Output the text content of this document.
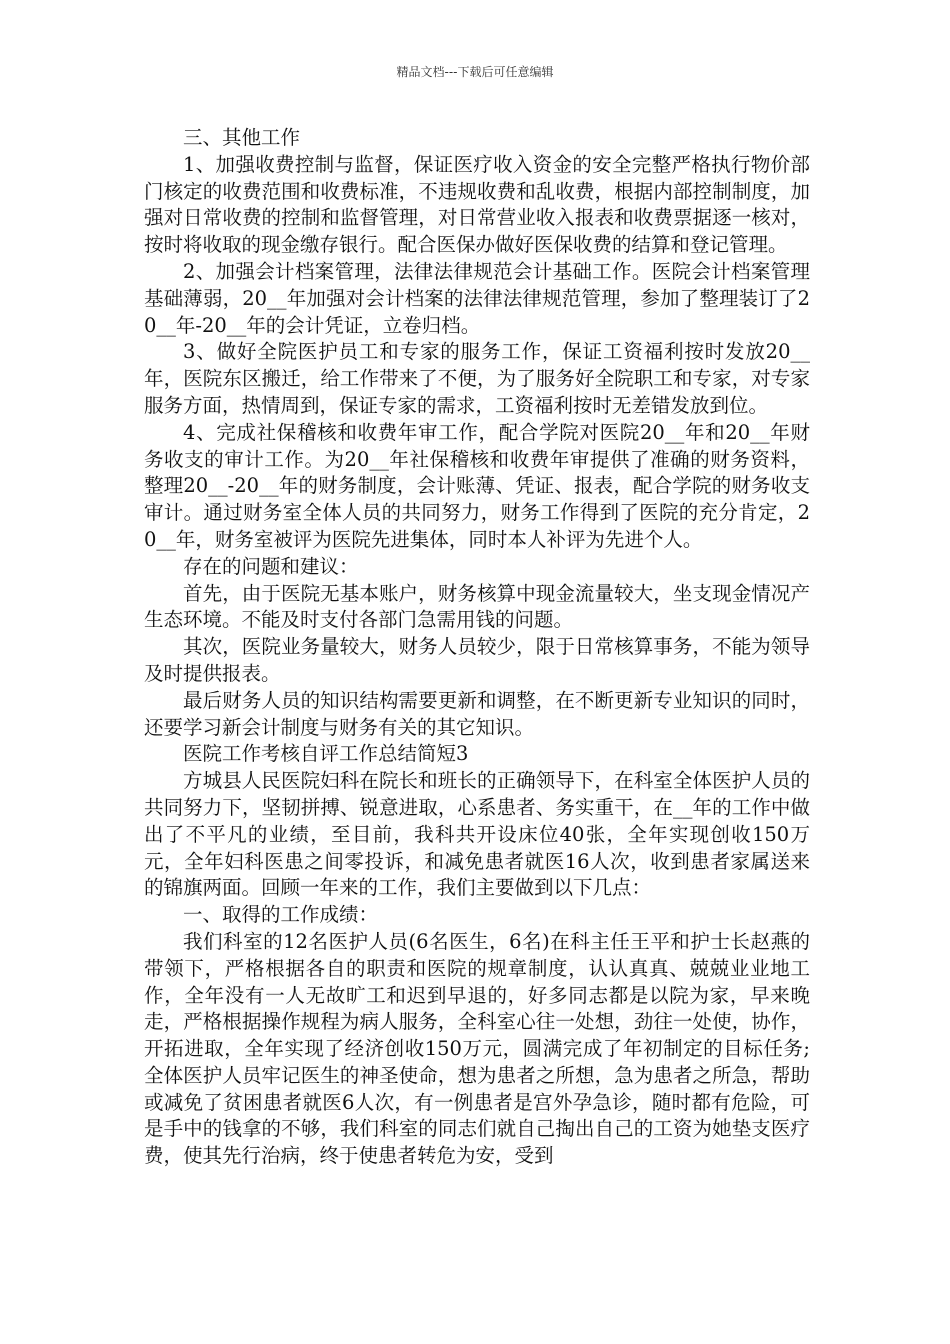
精品文档---下载后可任意编辑

三、其他工作

1、加强收费控制与监督，保证医疗收入资金的安全完整严格执行物价部门核定的收费范围和收费标准，不违规收费和乱收费，根据内部控制制度，加强对日常收费的控制和监督管理，对日常营业收入报表和收费票据逐一核对，按时将收取的现金缴存银行。配合医保办做好医保收费的结算和登记管理。

2、加强会计档案管理，法律法律规范会计基础工作。医院会计档案管理基础薄弱，20__年加强对会计档案的法律法律规范管理，参加了整理装订了20__年-20__年的会计凭证，立卷归档。

3、做好全院医护员工和专家的服务工作，保证工资福利按时发放20__年，医院东区搬迁，给工作带来了不便，为了服务好全院职工和专家，对专家服务方面，热情周到，保证专家的需求，工资福利按时无差错发放到位。

4、完成社保稽核和收费年审工作，配合学院对医院20__年和20__年财务收支的审计工作。为20__年社保稽核和收费年审提供了准确的财务资料，整理20__-20__年的财务制度，会计账薄、凭证、报表，配合学院的财务收支审计。通过财务室全体人员的共同努力，财务工作得到了医院的充分肯定，20__年，财务室被评为医院先进集体，同时本人补评为先进个人。

存在的问题和建议：

首先，由于医院无基本账户，财务核算中现金流量较大，坐支现金情况产生态环境。不能及时支付各部门急需用钱的问题。

其次，医院业务量较大，财务人员较少，限于日常核算事务，不能为领导及时提供报表。

最后财务人员的知识结构需要更新和调整，在不断更新专业知识的同时，还要学习新会计制度与财务有关的其它知识。

医院工作考核自评工作总结简短3

方城县人民医院妇科在院长和班长的正确领导下，在科室全体医护人员的共同努力下，坚韧拼搏、锐意进取，心系患者、务实重干，在__年的工作中做出了不平凡的业绩，至目前，我科共开设床位40张，全年实现创收150万元，全年妇科医患之间零投诉，和减免患者就医16人次，收到患者家属送来的锦旗两面。回顾一年来的工作，我们主要做到以下几点：

一、取得的工作成绩：

我们科室的12名医护人员(6名医生，6名)在科主任王平和护士长赵燕的带领下，严格根据各自的职责和医院的规章制度，认认真真、兢兢业业地工作，全年没有一人无故旷工和迟到早退的，好多同志都是以院为家，早来晚走，严格根据操作规程为病人服务，全科室心往一处想，劲往一处使，协作，开拓进取，全年实现了经济创收150万元，圆满完成了年初制定的目标任务;全体医护人员牢记医生的神圣使命，想为患者之所想，急为患者之所急，帮助或减免了贫困患者就医6人次，有一例患者是宫外孕急诊，随时都有危险，可是手中的钱拿的不够，我们科室的同志们就自己掏出自己的工资为她垫支医疗费，使其先行治病，终于使患者转危为安，受到
